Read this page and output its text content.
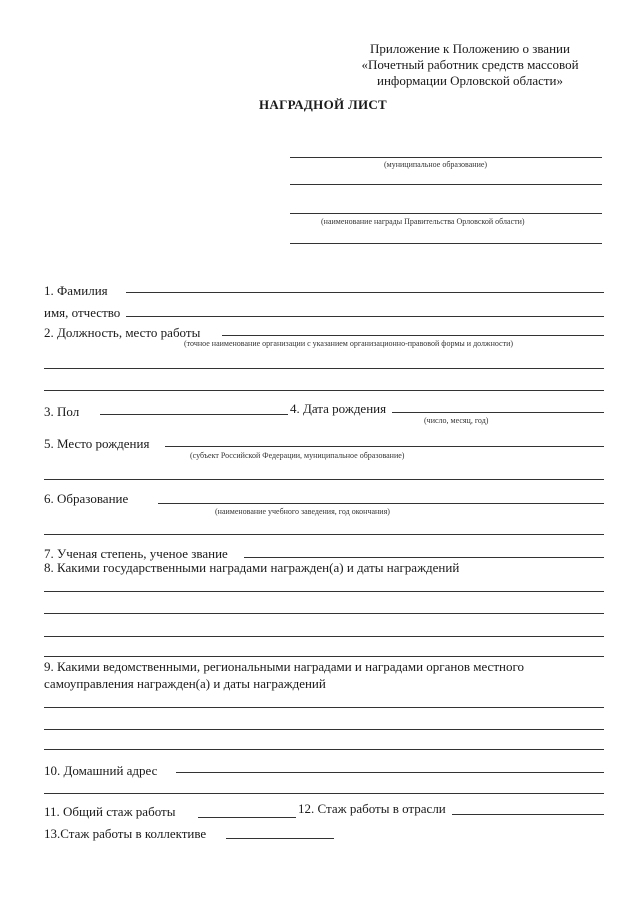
Приложение к Положению о звании
«Почетный работник средств массовой
информации Орловской области»
НАГРАДНОЙ ЛИСТ
(муниципальное образование)
(наименование награды Правительства Орловской области)
1. Фамилия
имя, отчество
2. Должность, место работы
(точное наименование организации с указанием организационно-правовой формы и должности)
3. Пол	4. Дата рождения
(число, месяц, год)
5. Место рождения
(субъект Российской Федерации, муниципальное образование)
6. Образование
(наименование учебного заведения, год окончания)
7. Ученая степень, ученое звание
8. Какими государственными наградами награжден(а) и даты награждений
9. Какими ведомственными, региональными наградами и наградами органов местного
самоуправления награжден(а) и даты награждений
10. Домашний адрес
11. Общий стаж работы	12. Стаж работы в отрасли
13.Стаж работы в коллективе
